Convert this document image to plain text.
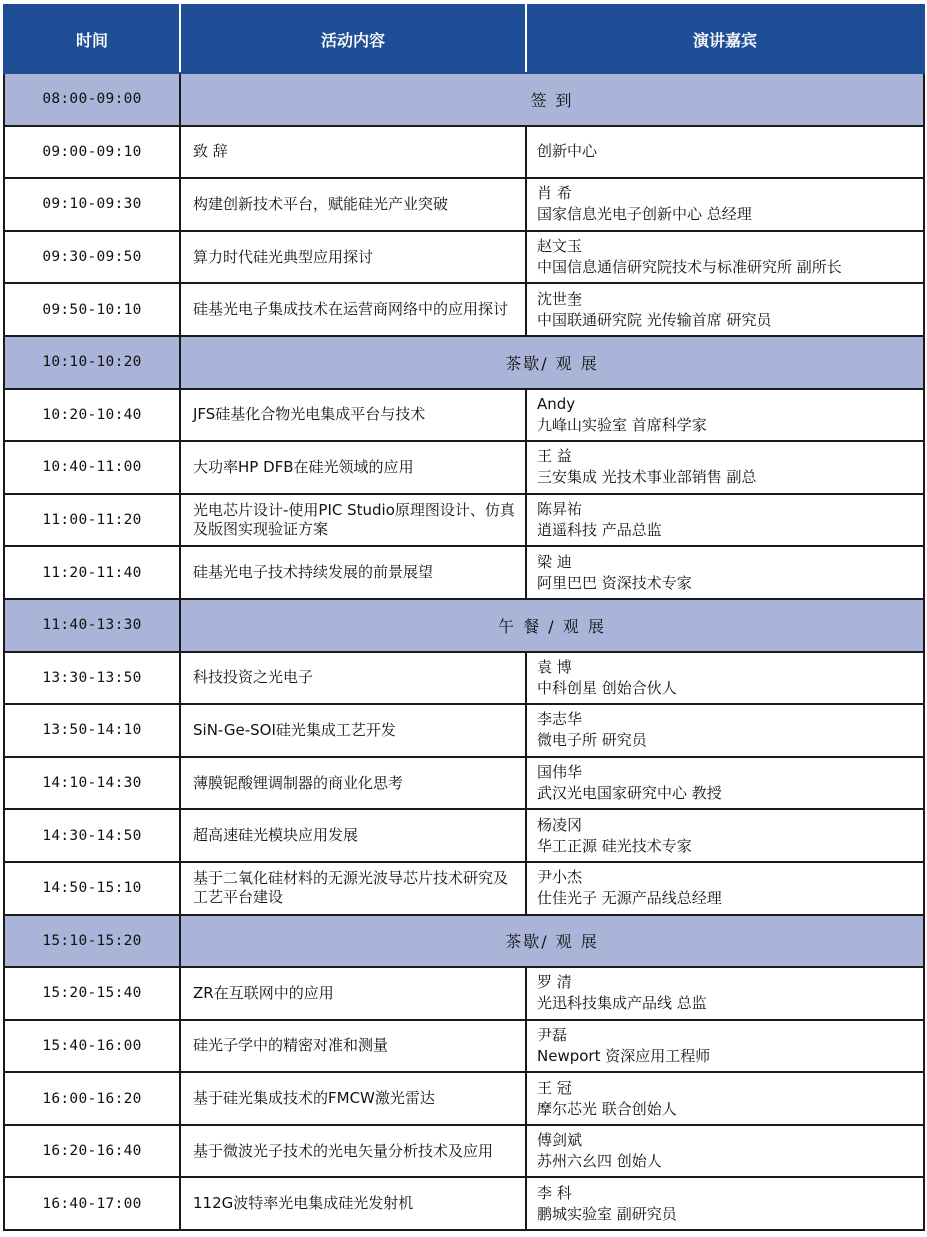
时间	活动内容	演讲嘉宾
08:00-09:00	签 到	
09:00-09:10	致 辞	创新中心

09:10-09:30	构建创新技术平台，赋能硅光产业突破	肖 希
国家信息光电子创新中心 总经理

09:30-09:50	算力时代硅光典型应用探讨	赵文玉
中国信息通信研究院技术与标准研究所 副所长

09:50-10:10	硅基光电子集成技术在运营商网络中的应用探讨	沈世奎
中国联通研究院 光传输首席 研究员

10:10-10:20	茶歇/ 观 展	
10:20-10:40	JFS硅基化合物光电集成平台与技术	Andy
九峰山实验室 首席科学家

10:40-11:00	大功率HP DFB在硅光领域的应用	王 益
三安集成 光技术事业部销售 副总

11:00-11:20	光电芯片设计-使用PIC Studio原理图设计、仿真及版图实现验证方案	陈昇祐
逍遥科技 产品总监

11:20-11:40	硅基光电子技术持续发展的前景展望	梁 迪
阿里巴巴 资深技术专家

11:40-13:30	午 餐 / 观 展	
13:30-13:50	科技投资之光电子	袁 博
中科创星 创始合伙人

13:50-14:10	SiN-Ge-SOI硅光集成工艺开发	李志华
微电子所 研究员

14:10-14:30	薄膜铌酸锂调制器的商业化思考	国伟华
武汉光电国家研究中心 教授

14:30-14:50	超高速硅光模块应用发展	杨凌冈
华工正源 硅光技术专家

14:50-15:10	基于二氧化硅材料的无源光波导芯片技术研究及工艺平台建设	尹小杰
仕佳光子 无源产品线总经理

15:10-15:20	茶歇/ 观 展	
15:20-15:40	ZR在互联网中的应用	罗 清
光迅科技集成产品线 总监

15:40-16:00	硅光子学中的精密对准和测量	尹磊
Newport 资深应用工程师

16:00-16:20	基于硅光集成技术的FMCW激光雷达	王 冠
摩尔芯光 联合创始人

16:20-16:40	基于微波光子技术的光电矢量分析技术及应用	傅剑斌
苏州六幺四 创始人

16:40-17:00	112G波特率光电集成硅光发射机	李 科
鹏城实验室 副研究员
